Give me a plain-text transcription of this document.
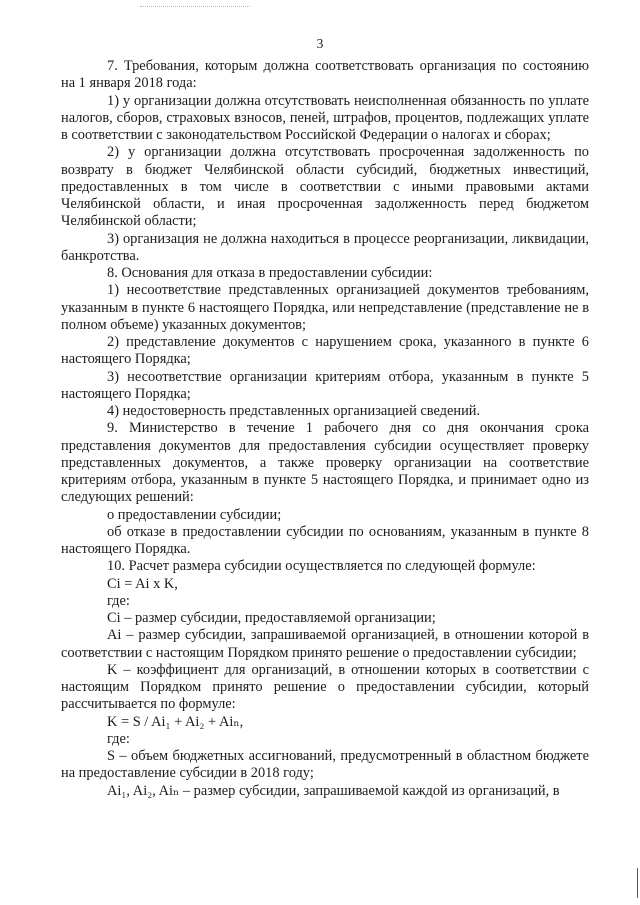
3

7. Требования, которым должна соответствовать организация по состоянию на 1 января 2018 года:

1) у организации должна отсутствовать неисполненная обязанность по уплате налогов, сборов, страховых взносов, пеней, штрафов, процентов, подлежащих уплате в соответствии с законодательством Российской Федерации о налогах и сборах;

2) у организации должна отсутствовать просроченная задолженность по возврату в бюджет Челябинской области субсидий, бюджетных инвестиций, предоставленных в том числе в соответствии с иными правовыми актами Челябинской области, и иная просроченная задолженность перед бюджетом Челябинской области;

3) организация не должна находиться в процессе реорганизации, ликвидации, банкротства.

8. Основания для отказа в предоставлении субсидии:

1) несоответствие представленных организацией документов требованиям, указанным в пункте 6 настоящего Порядка, или непредставление (представление не в полном объеме) указанных документов;

2) представление документов с нарушением срока, указанного в пункте 6 настоящего Порядка;

3) несоответствие организации критериям отбора, указанным в пункте 5 настоящего Порядка;

4) недостоверность представленных организацией сведений.

9. Министерство в течение 1 рабочего дня со дня окончания срока представления документов для предоставления субсидии осуществляет проверку представленных документов, а также проверку организации на соответствие критериям отбора, указанным в пункте 5 настоящего Порядка, и принимает одно из следующих решений:

о предоставлении субсидии;

об отказе в предоставлении субсидии по основаниям, указанным в пункте 8 настоящего Порядка.

10. Расчет размера субсидии осуществляется по следующей формуле:

Ci = Ai x K,

где:

Ci – размер субсидии, предоставляемой организации;

Ai – размер субсидии, запрашиваемой организацией, в отношении которой в соответствии с настоящим Порядком принято решение о предоставлении субсидии;

K – коэффициент для организаций, в отношении которых в соответствии с настоящим Порядком принято решение о предоставлении субсидии, который рассчитывается по формуле:

K = S / Ai₁ + Ai₂ + Aiₙ,

где:

S – объем бюджетных ассигнований, предусмотренный в областном бюджете на предоставление субсидии в 2018 году;

Ai₁, Ai₂, Aiₙ – размер субсидии, запрашиваемой каждой из организаций, в
